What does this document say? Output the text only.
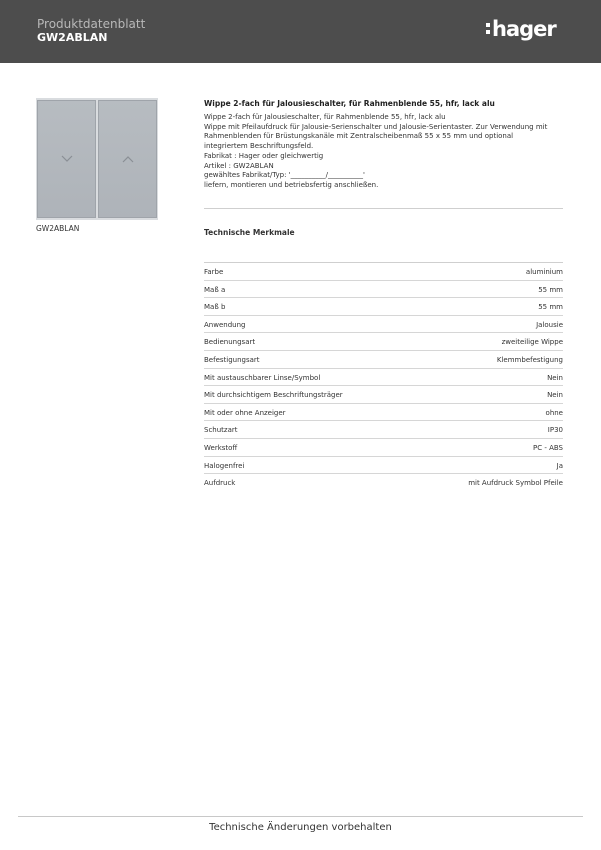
Produktdatenblatt
GW2ABLAN	hager
GW2ABLAN
Wippe 2-fach für Jalousieschalter, für Rahmenblende 55, hfr, lack alu
Wippe 2-fach für Jalousieschalter, für Rahmenblende 55, hfr, lack alu
Wippe mit Pfeilaufdruck für Jalousie-Serienschalter und Jalousie-Serientaster. Zur Verwendung mit
Rahmenblenden für Brüstungskanäle mit Zentralscheibenmaß 55 x 55 mm und optional
integriertem Beschriftungsfeld.
Fabrikat : Hager oder gleichwertig
Artikel : GW2ABLAN
gewähltes Fabrikat/Typ: '__________/__________'
liefern, montieren und betriebsfertig anschließen.
Technische Merkmale
Farbe	aluminium
Maß a	55 mm
Maß b	55 mm
Anwendung	Jalousie
Bedienungsart	zweiteilige Wippe
Befestigungsart	Klemmbefestigung
Mit austauschbarer Linse/Symbol	Nein
Mit durchsichtigem Beschriftungsträger	Nein
Mit oder ohne Anzeiger	ohne
Schutzart	IP30
Werkstoff	PC - ABS
Halogenfrei	Ja
Aufdruck	mit Aufdruck Symbol Pfeile
Technische Änderungen vorbehalten
